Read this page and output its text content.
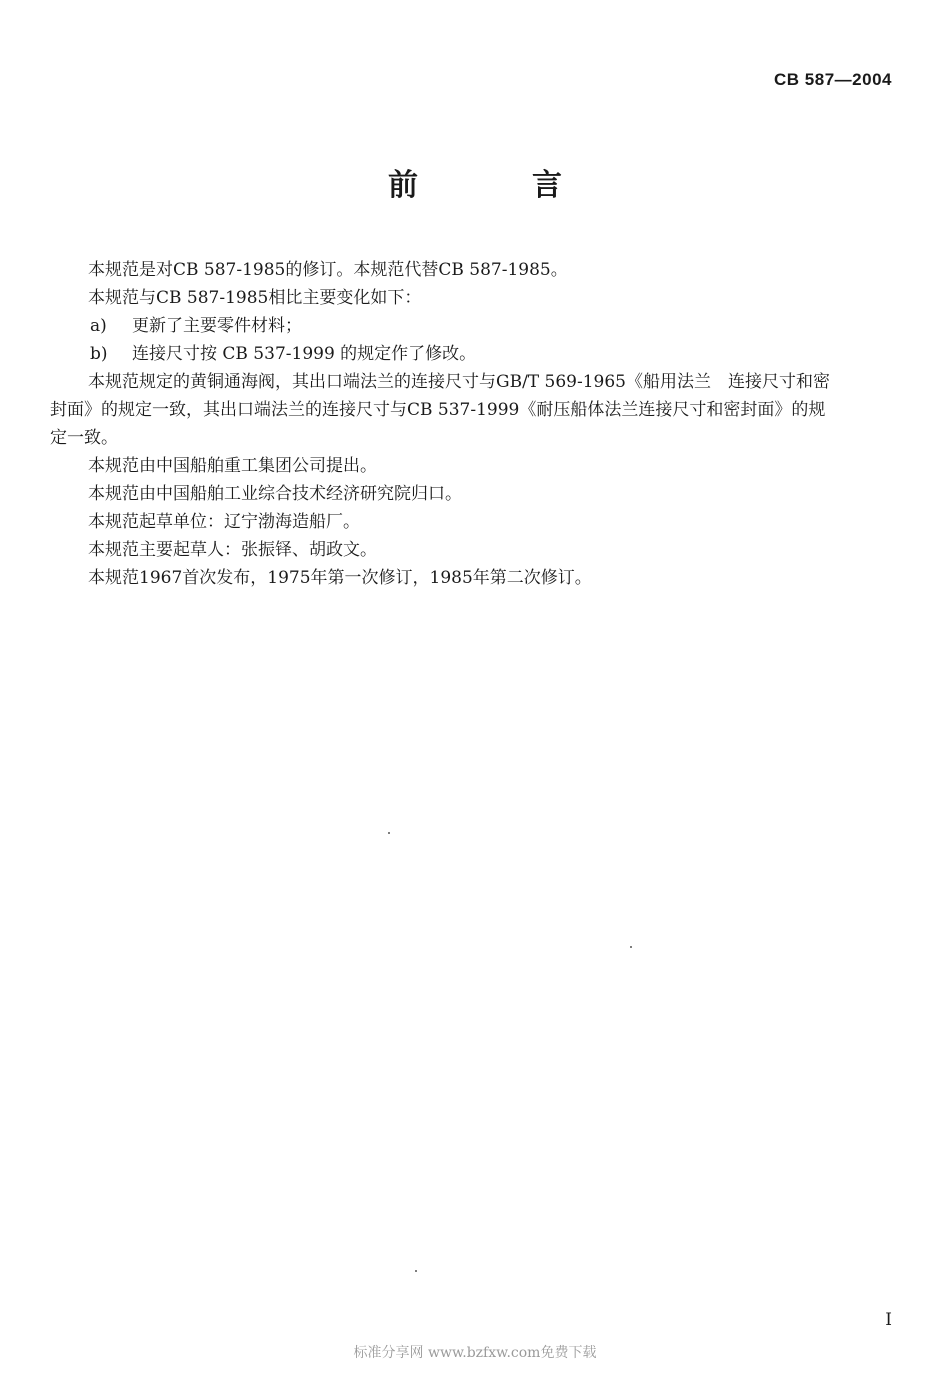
CB 587—2004
前　言

本规范是对CB 587-1985的修订。本规范代替CB 587-1985。

本规范与CB 587-1985相比主要变化如下：

a)	更新了主要零件材料；
b)	连接尺寸按 CB 537-1999 的规定作了修改。
本规范规定的黄铜通海阀，其出口端法兰的连接尺寸与GB/T 569-1965《船用法兰　连接尺寸和密
封面》的规定一致，其出口端法兰的连接尺寸与CB 537-1999《耐压船体法兰连接尺寸和密封面》的规
定一致。

本规范由中国船舶重工集团公司提出。

本规范由中国船舶工业综合技术经济研究院归口。

本规范起草单位：辽宁渤海造船厂。

本规范主要起草人：张振铎、胡政文。

本规范1967首次发布，1975年第一次修订，1985年第二次修订。

I
标准分享网 www.bzfxw.com免费下载
